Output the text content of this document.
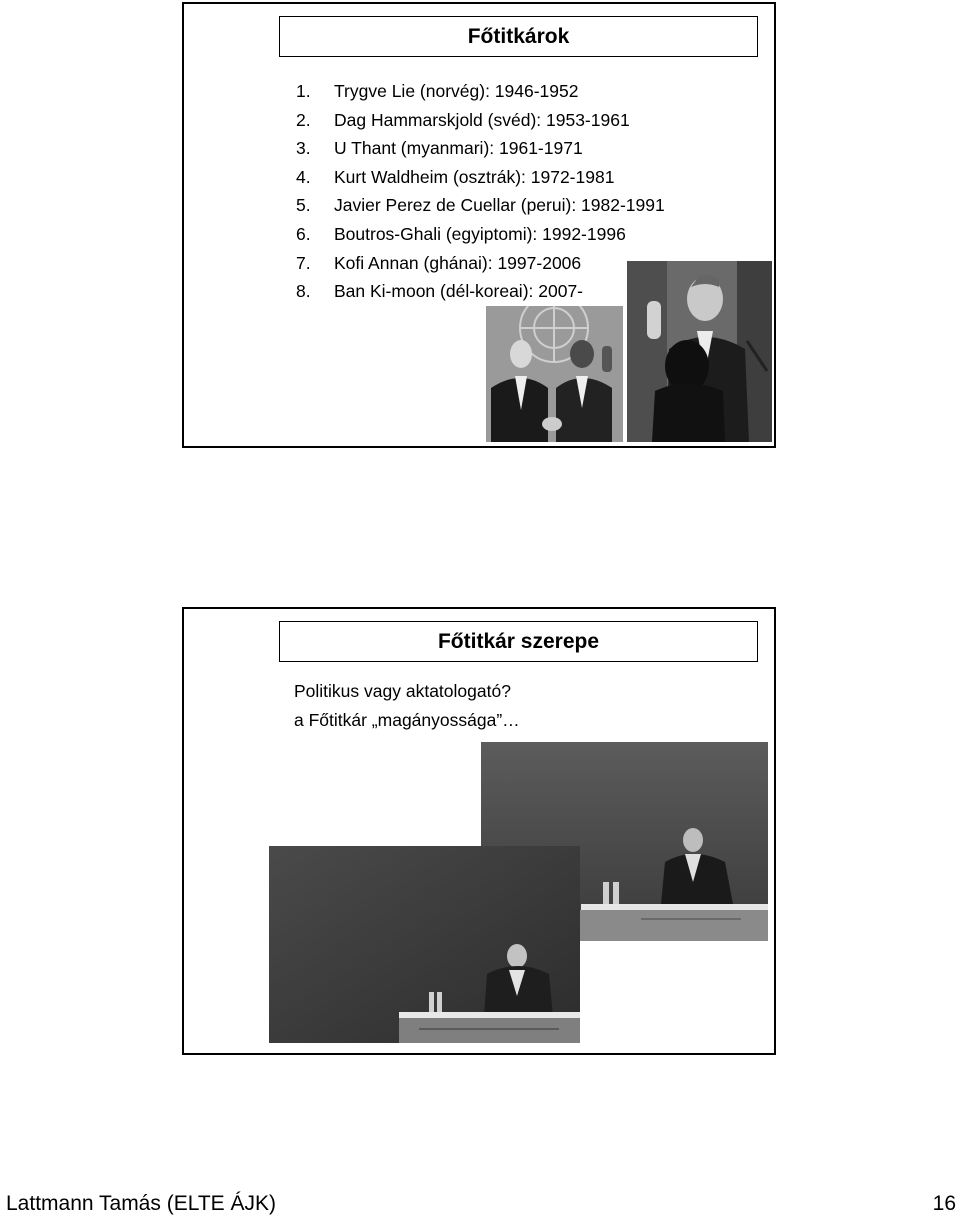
Főtitkárok
1. Trygve Lie (norvég): 1946-1952
2. Dag Hammarskjold (svéd): 1953-1961
3. U Thant (myanmari): 1961-1971
4. Kurt Waldheim (osztrák): 1972-1981
5. Javier Perez de Cuellar (perui): 1982-1991
6. Boutros-Ghali (egyiptomi): 1992-1996
7. Kofi Annan (ghánai): 1997-2006
8. Ban Ki-moon (dél-koreai): 2007-
Főtitkár szerepe
Politikus vagy aktatologató?
a Főtitkár „magányossága”…
Lattmann Tamás (ELTE ÁJK)	16
